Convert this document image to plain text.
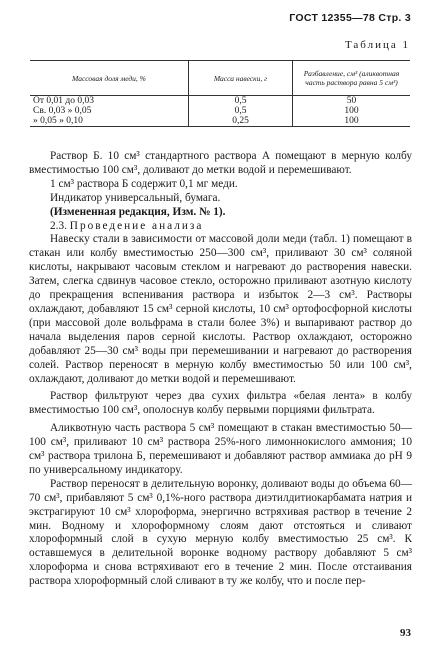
ГОСТ 12355—78 Стр. 3
Таблица 1
Массовая доля меди, %	Масса навески, г	Разбавление, см³ (аликвотная часть раствора равна 5 см³)
От 0,01 до 0,03	0,5	50
Св. 0,03 » 0,05	0,5	100
» 0,05 » 0,10	0,25	100

Раствор Б. 10 см³ стандартного раствора А помещают в мерную колбу вместимостью 100 см³, доливают до метки водой и перемешивают.

1 см³ раствора Б содержит 0,1 мг меди.

Индикатор универсальный, бумага.

(Измененная редакция, Изм. № 1).

2.3. Проведение анализа

Навеску стали в зависимости от массовой доли меди (табл. 1) помещают в стакан или колбу вместимостью 250—300 см³, приливают 30 см³ соляной кислоты, накрывают часовым стеклом и нагревают до растворения навески. Затем, слегка сдвинув часовое стекло, осторожно приливают азотную кислоту до прекращения вспенивания раствора и избыток 2—3 см³. Растворы охлаждают, добавляют 15 см³ серной кислоты, 10 см³ ортофосфорной кислоты (при массовой доле вольфрама в стали более 3%) и выпаривают раствор до начала выделения паров серной кислоты. Раствор охлаждают, осторожно добавляют 25—30 см³ воды при перемешивании и нагревают до растворения солей. Раствор переносят в мерную колбу вместимостью 50 или 100 см³, охлаждают, доливают до метки водой и перемешивают.

Раствор фильтруют через два сухих фильтра «белая лента» в колбу вместимостью 100 см³, ополоснув колбу первыми порциями фильтрата.

Аликвотную часть раствора 5 см³ помещают в стакан вместимостью 50—100 см³, приливают 10 см³ раствора 25%-ного лимоннокислого аммония; 10 см³ раствора трилона Б, перемешивают и добавляют раствор аммиака до pH 9 по универсальному индикатору.

Раствор переносят в делительную воронку, доливают воды до объема 60—70 см³, прибавляют 5 см³ 0,1%-ного раствора диэтилдитиокарбамата натрия и экстрагируют 10 см³ хлороформа, энергично встряхивая раствор в течение 2 мин. Водному и хлороформному слоям дают отстояться и сливают хлороформный слой в сухую мерную колбу вместимостью 25 см³. К оставшемуся в делительной воронке водному раствору добавляют 5 см³ хлороформа и снова встряхивают его в течение 2 мин. После отстаивания раствора хлороформный слой сливают в ту же колбу, что и после пер-

93
